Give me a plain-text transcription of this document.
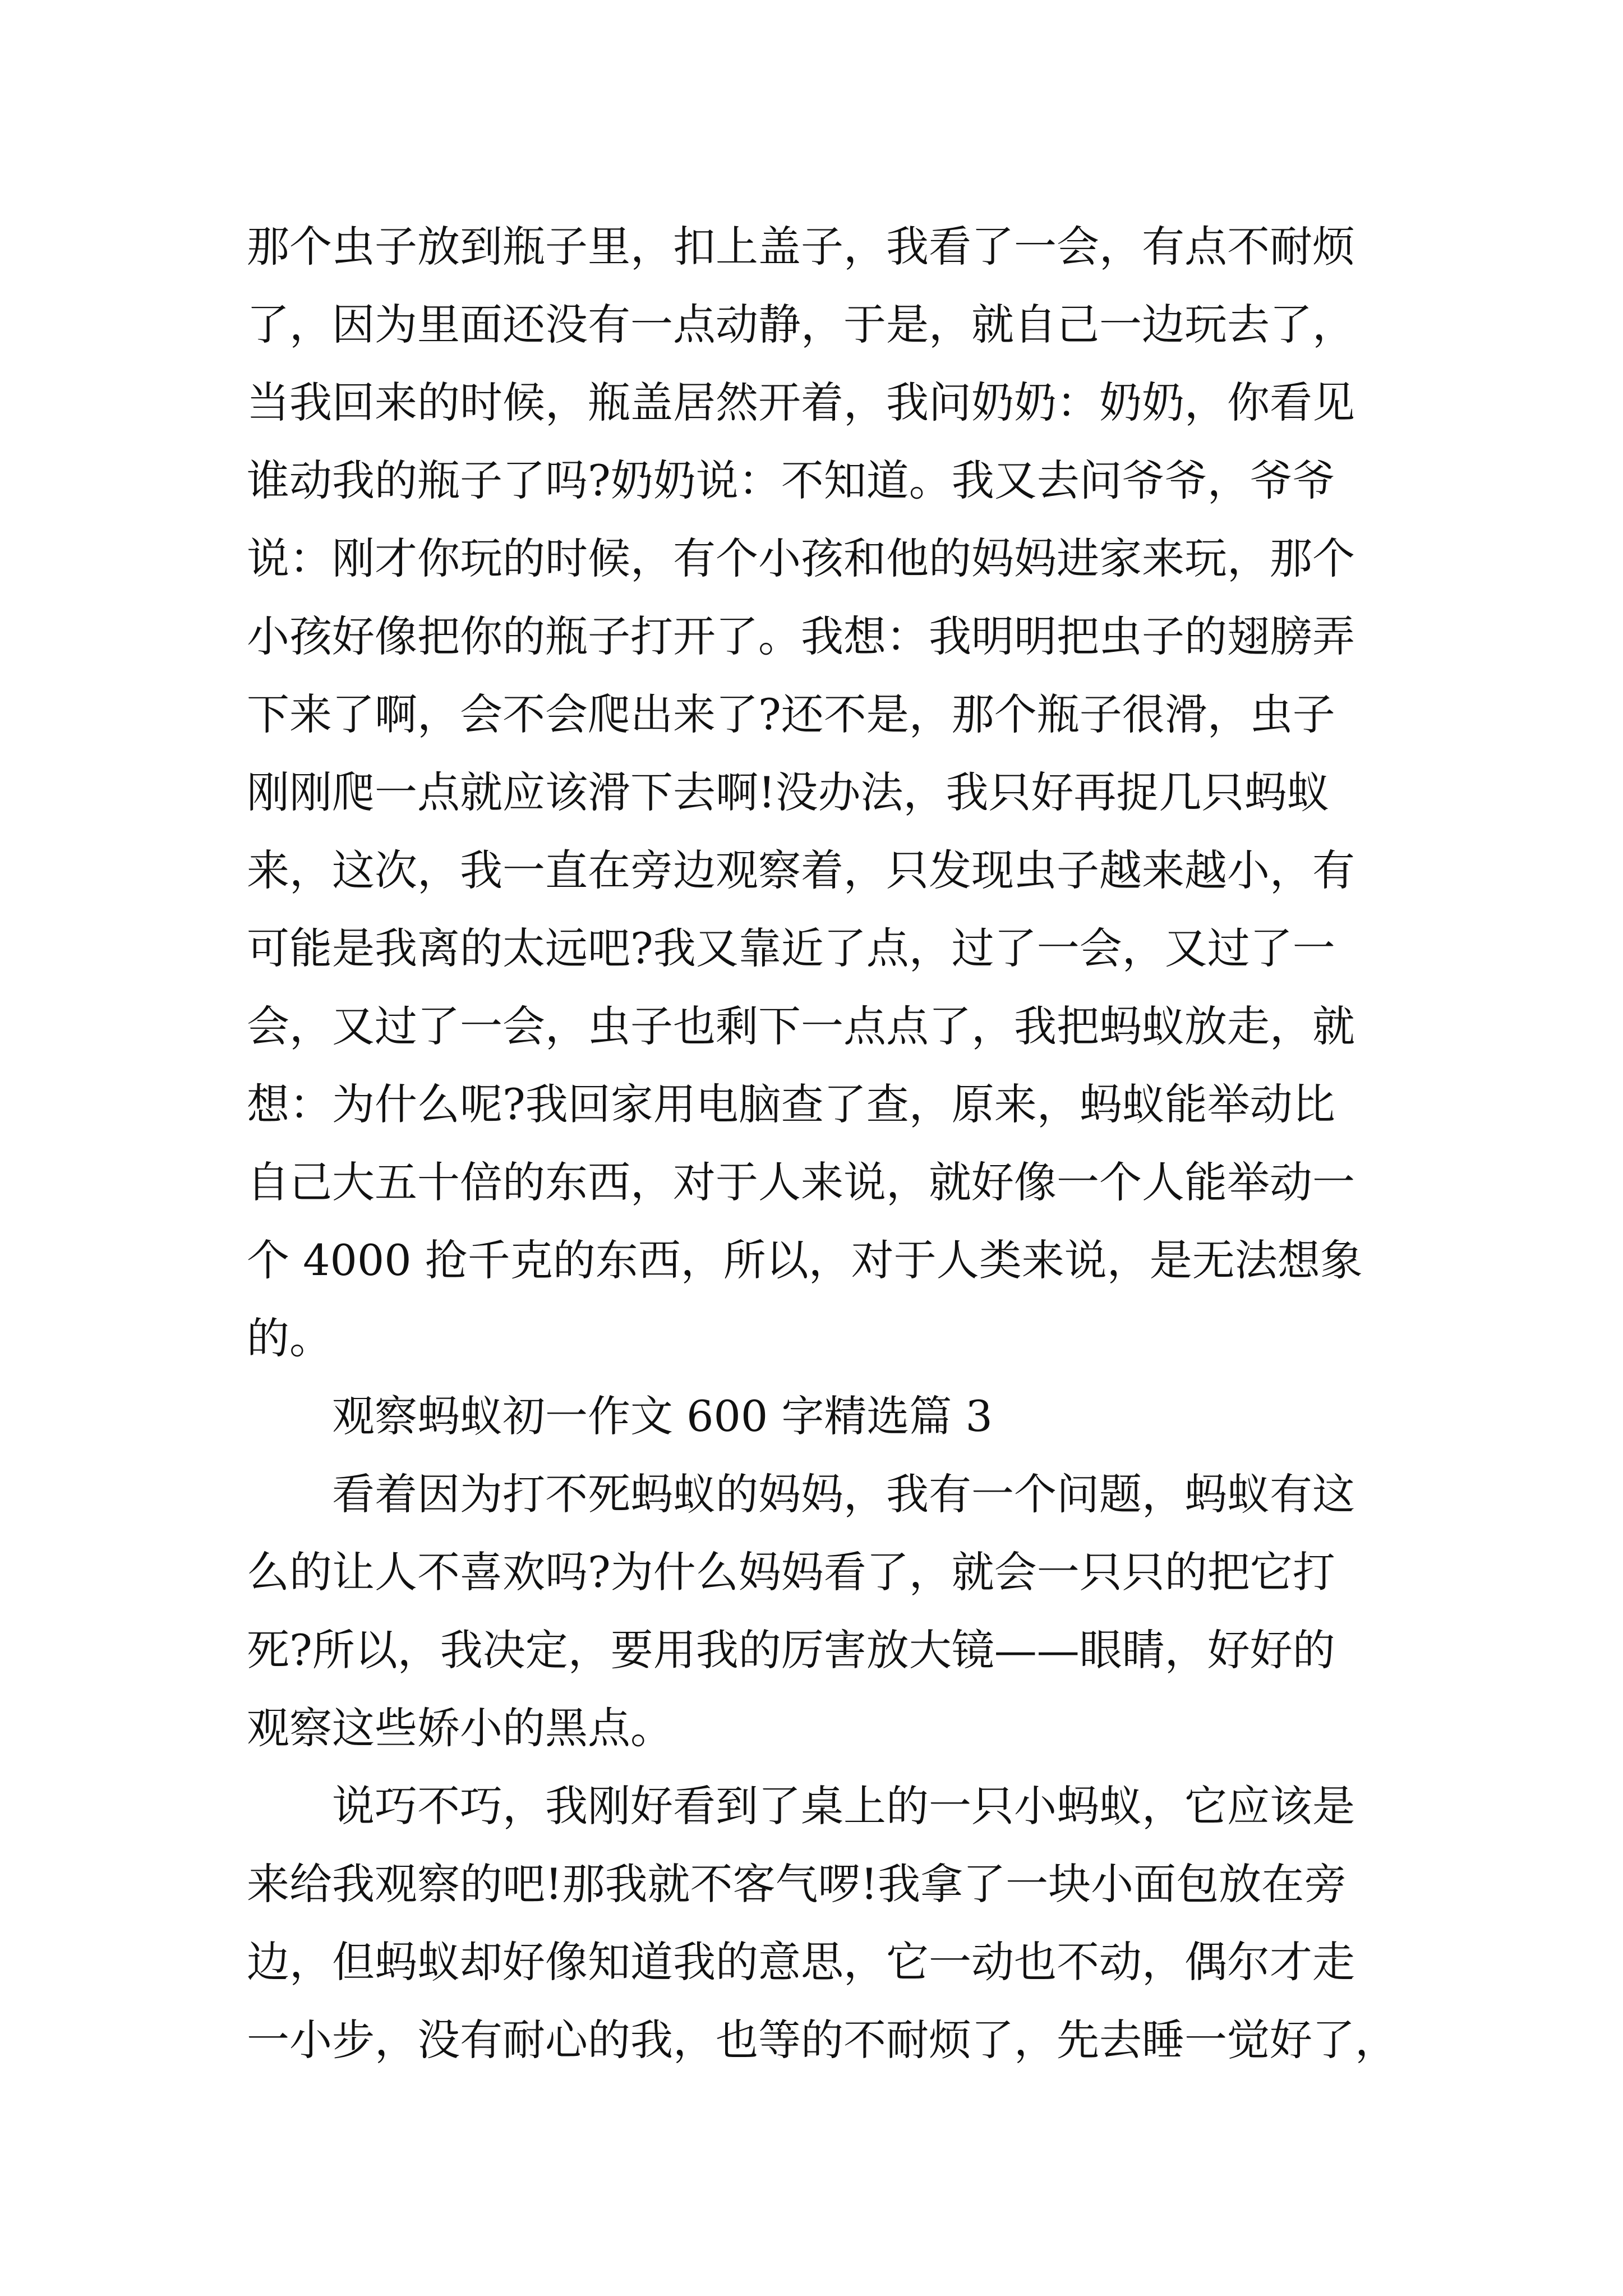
那个虫子放到瓶子里，扣上盖子，我看了一会，有点不耐烦
了，因为里面还没有一点动静，于是，就自己一边玩去了，
当我回来的时候，瓶盖居然开着，我问奶奶：奶奶，你看见
谁动我的瓶子了吗?奶奶说：不知道。我又去问爷爷，爷爷
说：刚才你玩的时候，有个小孩和他的妈妈进家来玩，那个
小孩好像把你的瓶子打开了。我想：我明明把虫子的翅膀弄
下来了啊，会不会爬出来了?还不是，那个瓶子很滑，虫子
刚刚爬一点就应该滑下去啊!没办法，我只好再捉几只蚂蚁
来，这次，我一直在旁边观察着，只发现虫子越来越小，有
可能是我离的太远吧?我又靠近了点，过了一会，又过了一
会，又过了一会，虫子也剩下一点点了，我把蚂蚁放走，就
想：为什么呢?我回家用电脑查了查，原来，蚂蚁能举动比
自己大五十倍的东西，对于人来说，就好像一个人能举动一
个 4000 抢千克的东西，所以，对于人类来说，是无法想象
的。
观察蚂蚁初一作文 600 字精选篇 3
看着因为打不死蚂蚁的妈妈，我有一个问题，蚂蚁有这
么的让人不喜欢吗?为什么妈妈看了，就会一只只的把它打
死?所以，我决定，要用我的厉害放大镜——眼睛，好好的
观察这些娇小的黑点。
说巧不巧，我刚好看到了桌上的一只小蚂蚁，它应该是
来给我观察的吧!那我就不客气啰!我拿了一块小面包放在旁
边，但蚂蚁却好像知道我的意思，它一动也不动，偶尔才走
一小步，没有耐心的我，也等的不耐烦了，先去睡一觉好了，
